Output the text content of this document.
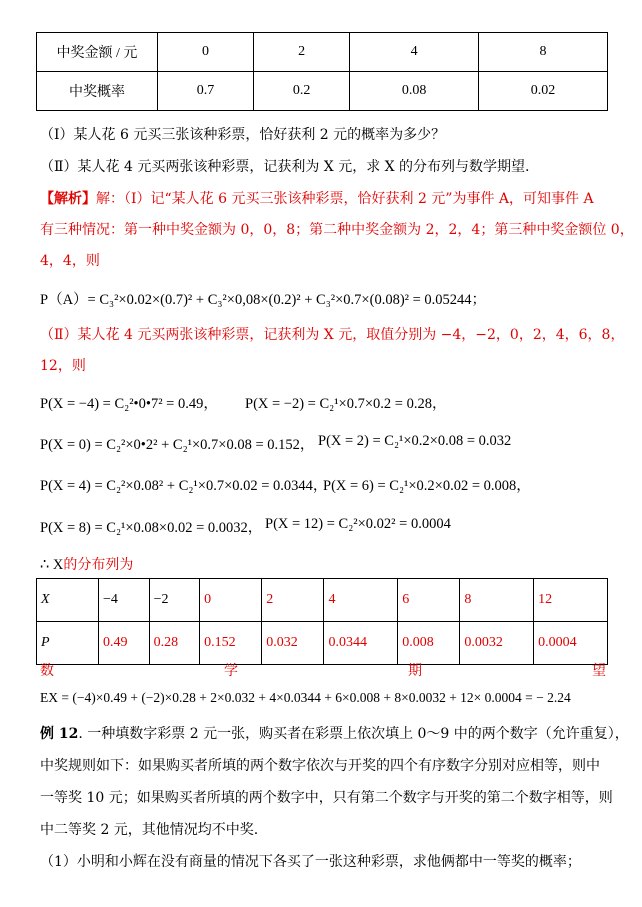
中奖金额 / 元	0	2	4	8
中奖概率	0.7	0.2	0.08	0.02
（Ⅰ）某人花 6 元买三张该种彩票，恰好获利 2 元的概率为多少？
（Ⅱ）某人花 4 元买两张该种彩票，记获利为 X 元，求 X 的分布列与数学期望.
【解析】解：（Ⅰ）记“某人花 6 元买三张该种彩票，恰好获利 2 元”为事件 A，可知事件 A
有三种情况：第一种中奖金额为 0，0，8；第二种中奖金额为 2，2，4；第三种中奖金额位 0，
4，4，则
P（A）= C₃²×0.02×(0.7)² + C₃²×0,08×(0.2)² + C₃²×0.7×(0.08)² = 0.05244；
（Ⅱ）某人花 4 元买两张该种彩票，记获利为 X 元，取值分别为 −4，−2，0，2，4，6，8，
12，则
P(X = −4) = C₂²•0•7² = 0.49， P(X = −2) = C₂¹×0.7×0.2 = 0.28，
P(X = 0) = C₂²×0•2² + C₂¹×0.7×0.08 = 0.152， P(X = 2) = C₂¹×0.2×0.08 = 0.032
P(X = 4) = C₂²×0.08² + C₂¹×0.7×0.02 = 0.0344，
P(X = 6) = C₂¹×0.2×0.02 = 0.008，
P(X = 8) = C₂¹×0.08×0.02 = 0.0032， P(X = 12) = C₂²×0.02² = 0.0004
∴ X的分布列为
X	−4	−2	0	2	4	6	8	12
P	0.49	0.28	0.152	0.032	0.0344	0.008	0.0032	0.0004
数	学	期	望
EX = (−4)×0.49 + (−2)×0.28 + 2×0.032 + 4×0.0344 + 6×0.008 + 8×0.0032 + 12× 0.0004 = − 2.24
例 12. 一种填数字彩票 2 元一张，购买者在彩票上依次填上 0～9 中的两个数字（允许重复），
中奖规则如下：如果购买者所填的两个数字依次与开奖的四个有序数字分别对应相等，则中
一等奖 10 元；如果购买者所填的两个数字中，只有第二个数字与开奖的第二个数字相等，则
中二等奖 2 元，其他情况均不中奖.
（1）小明和小辉在没有商量的情况下各买了一张这种彩票，求他俩都中一等奖的概率；
